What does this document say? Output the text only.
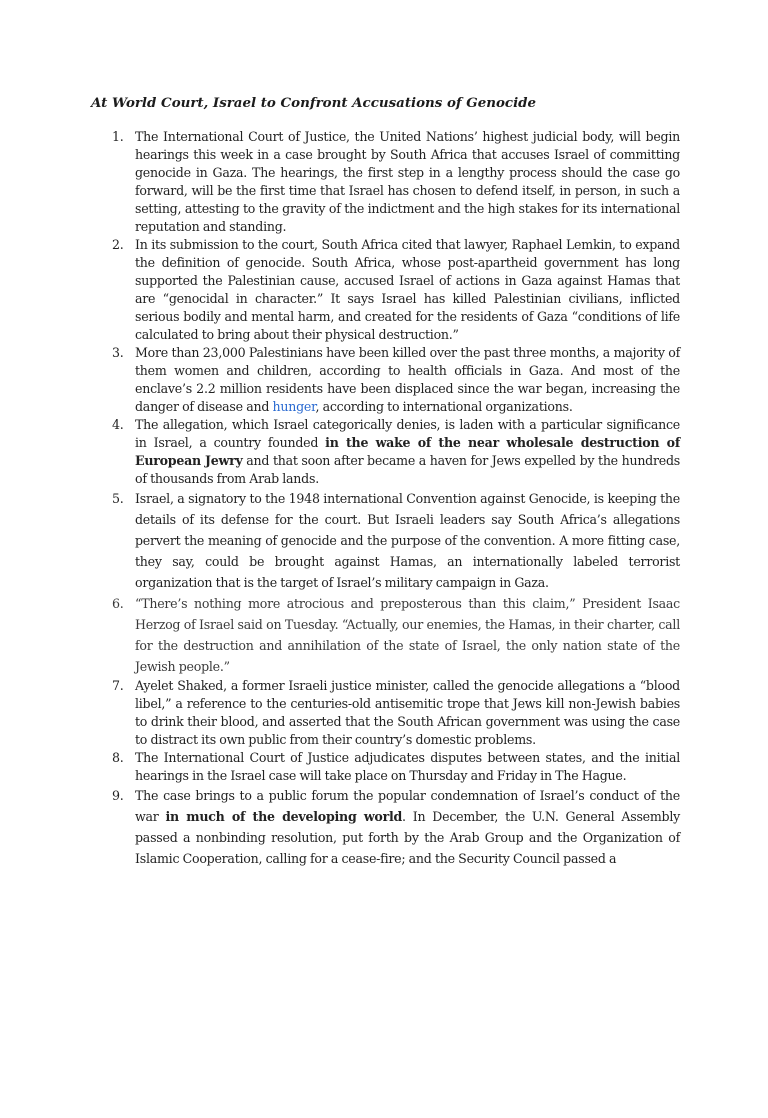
At World Court, Israel to Confront Accusations of Genocide
1. The International Court of Justice, the United Nations’ highest judicial body, will begin hearings this week in a case brought by South Africa that accuses Israel of committing genocide in Gaza. The hearings, the first step in a lengthy process should the case go forward, will be the first time that Israel has chosen to defend itself, in person, in such a setting, attesting to the gravity of the indictment and the high stakes for its international reputation and standing.
2. In its submission to the court, South Africa cited that lawyer, Raphael Lemkin, to expand the definition of genocide. South Africa, whose post-apartheid government has long supported the Palestinian cause, accused Israel of actions in Gaza against Hamas that are “genocidal in character.” It says Israel has killed Palestinian civilians, inflicted serious bodily and mental harm, and created for the residents of Gaza “conditions of life calculated to bring about their physical destruction.”
3. More than 23,000 Palestinians have been killed over the past three months, a majority of them women and children, according to health officials in Gaza. And most of the enclave’s 2.2 million residents have been displaced since the war began, increasing the danger of disease and hunger, according to international organizations.
4. The allegation, which Israel categorically denies, is laden with a particular significance in Israel, a country founded in the wake of the near wholesale destruction of European Jewry and that soon after became a haven for Jews expelled by the hundreds of thousands from Arab lands.
5. Israel, a signatory to the 1948 international Convention against Genocide, is keeping the details of its defense for the court. But Israeli leaders say South Africa’s allegations pervert the meaning of genocide and the purpose of the convention. A more fitting case, they say, could be brought against Hamas, an internationally labeled terrorist organization that is the target of Israel’s military campaign in Gaza.
6. “There’s nothing more atrocious and preposterous than this claim,” President Isaac Herzog of Israel said on Tuesday. “Actually, our enemies, the Hamas, in their charter, call for the destruction and annihilation of the state of Israel, the only nation state of the Jewish people.”
7. Ayelet Shaked, a former Israeli justice minister, called the genocide allegations a “blood libel,” a reference to the centuries-old antisemitic trope that Jews kill non-Jewish babies to drink their blood, and asserted that the South African government was using the case to distract its own public from their country’s domestic problems.
8. The International Court of Justice adjudicates disputes between states, and the initial hearings in the Israel case will take place on Thursday and Friday in The Hague.
9. The case brings to a public forum the popular condemnation of Israel’s conduct of the war in much of the developing world. In December, the U.N. General Assembly passed a nonbinding resolution, put forth by the Arab Group and the Organization of Islamic Cooperation, calling for a cease-fire; and the Security Council passed a
